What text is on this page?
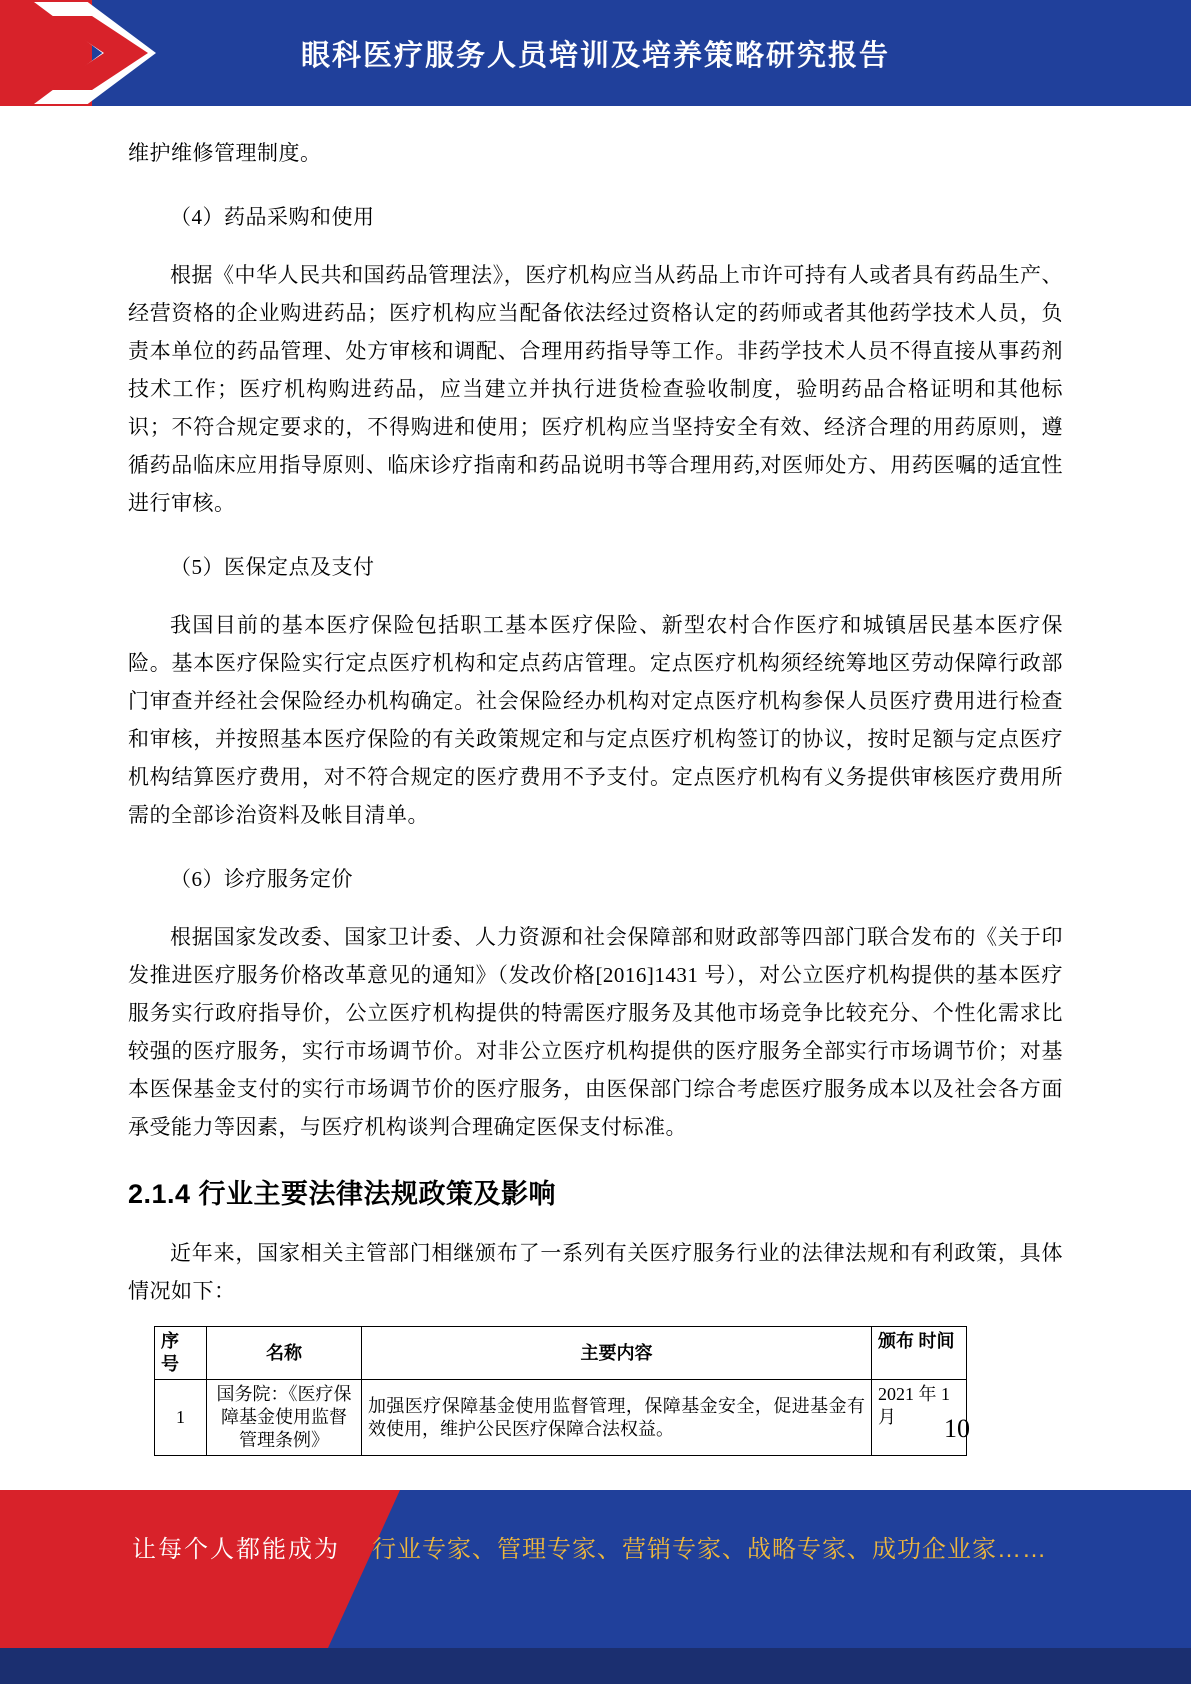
眼科医疗服务人员培训及培养策略研究报告

维护维修管理制度。

（4）药品采购和使用

根据《中华人民共和国药品管理法》，医疗机构应当从药品上市许可持有人或者具有药品生产、经营资格的企业购进药品；医疗机构应当配备依法经过资格认定的药师或者其他药学技术人员，负责本单位的药品管理、处方审核和调配、合理用药指导等工作。非药学技术人员不得直接从事药剂技术工作；医疗机构购进药品，应当建立并执行进货检查验收制度，验明药品合格证明和其他标识；不符合规定要求的，不得购进和使用；医疗机构应当坚持安全有效、经济合理的用药原则，遵循药品临床应用指导原则、临床诊疗指南和药品说明书等合理用药,对医师处方、用药医嘱的适宜性进行审核。

（5）医保定点及支付

我国目前的基本医疗保险包括职工基本医疗保险、新型农村合作医疗和城镇居民基本医疗保险。基本医疗保险实行定点医疗机构和定点药店管理。定点医疗机构须经统筹地区劳动保障行政部门审查并经社会保险经办机构确定。社会保险经办机构对定点医疗机构参保人员医疗费用进行检查和审核，并按照基本医疗保险的有关政策规定和与定点医疗机构签订的协议，按时足额与定点医疗机构结算医疗费用，对不符合规定的医疗费用不予支付。定点医疗机构有义务提供审核医疗费用所需的全部诊治资料及帐目清单。

（6）诊疗服务定价

根据国家发改委、国家卫计委、人力资源和社会保障部和财政部等四部门联合发布的《关于印发推进医疗服务价格改革意见的通知》（发改价格[2016]1431 号），对公立医疗机构提供的基本医疗服务实行政府指导价，公立医疗机构提供的特需医疗服务及其他市场竞争比较充分、个性化需求比较强的医疗服务，实行市场调节价。对非公立医疗机构提供的医疗服务全部实行市场调节价；对基本医保基金支付的实行市场调节价的医疗服务，由医保部门综合考虑医疗服务成本以及社会各方面承受能力等因素，与医疗机构谈判合理确定医保支付标准。

2.1.4 行业主要法律法规政策及影响

近年来，国家相关主管部门相继颁布了一系列有关医疗服务行业的法律法规和有利政策，具体情况如下：

序 号	名称	主要内容	颁布 时间
1	国务院：《医疗保障基金使用监督管理条例》	加强医疗保障基金使用监督管理，保障基金安全，促进基金有效使用，维护公民医疗保障合法权益。	2021 年 1 月 10
让每个人都能成为 行业专家、管理专家、营销专家、战略专家、成功企业家……
